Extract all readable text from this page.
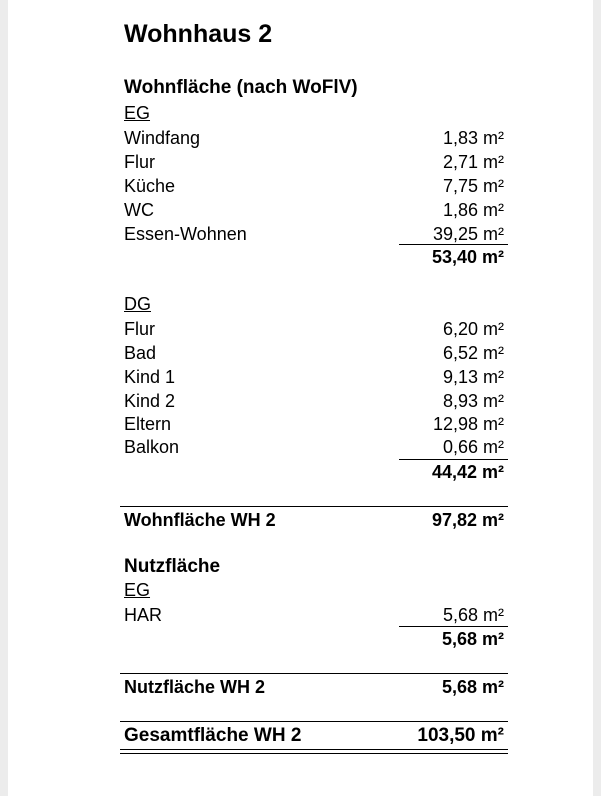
Wohnhaus 2
Wohnfläche (nach WoFlV)
EG
Windfang	1,83 m²
Flur	2,71 m²
Küche	7,75 m²
WC	1,86 m²
Essen-Wohnen	39,25 m²
53,40 m²
DG
Flur	6,20 m²
Bad	6,52 m²
Kind 1	9,13 m²
Kind 2	8,93 m²
Eltern	12,98 m²
Balkon	0,66 m²
44,42 m²
Wohnfläche WH 2	97,82 m²
Nutzfläche
EG
HAR	5,68 m²
5,68 m²
Nutzfläche WH 2	5,68 m²
Gesamtfläche WH 2	103,50 m²
